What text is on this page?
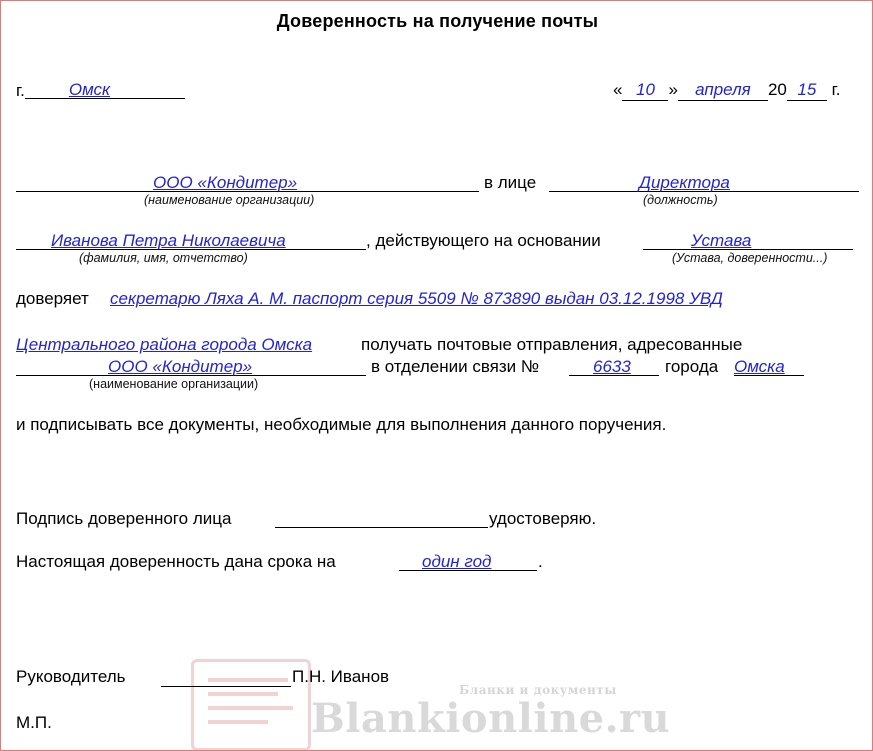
Доверенность на получение почты
г.	Омск	« 10 » апреля 20 15 г.
ООО «Кондитер»	в лице	Директора
(наименование организации)	(должность)
Иванова Петра Николаевича	, действующего на основании	Устава
(фамилия, имя, отчетство)	(Устава, доверенности...)
доверяет секретарю Ляха А. М. паспорт серия 5509 № 873890 выдан 03.12.1998 УВД
Центрального района города Омска	получать почтовые отправления, адресованные
ООО «Кондитер»	в отделении связи №	6633 города Омска
(наименование организации)
и подписывать все документы, необходимые для выполнения данного поручения.
Подпись доверенного лица	удостоверяю.
Настоящая доверенность дана срока на	один год	.
Бланки и документы
Blankionline.ru
Руководитель	П.Н. Иванов
М.П.
